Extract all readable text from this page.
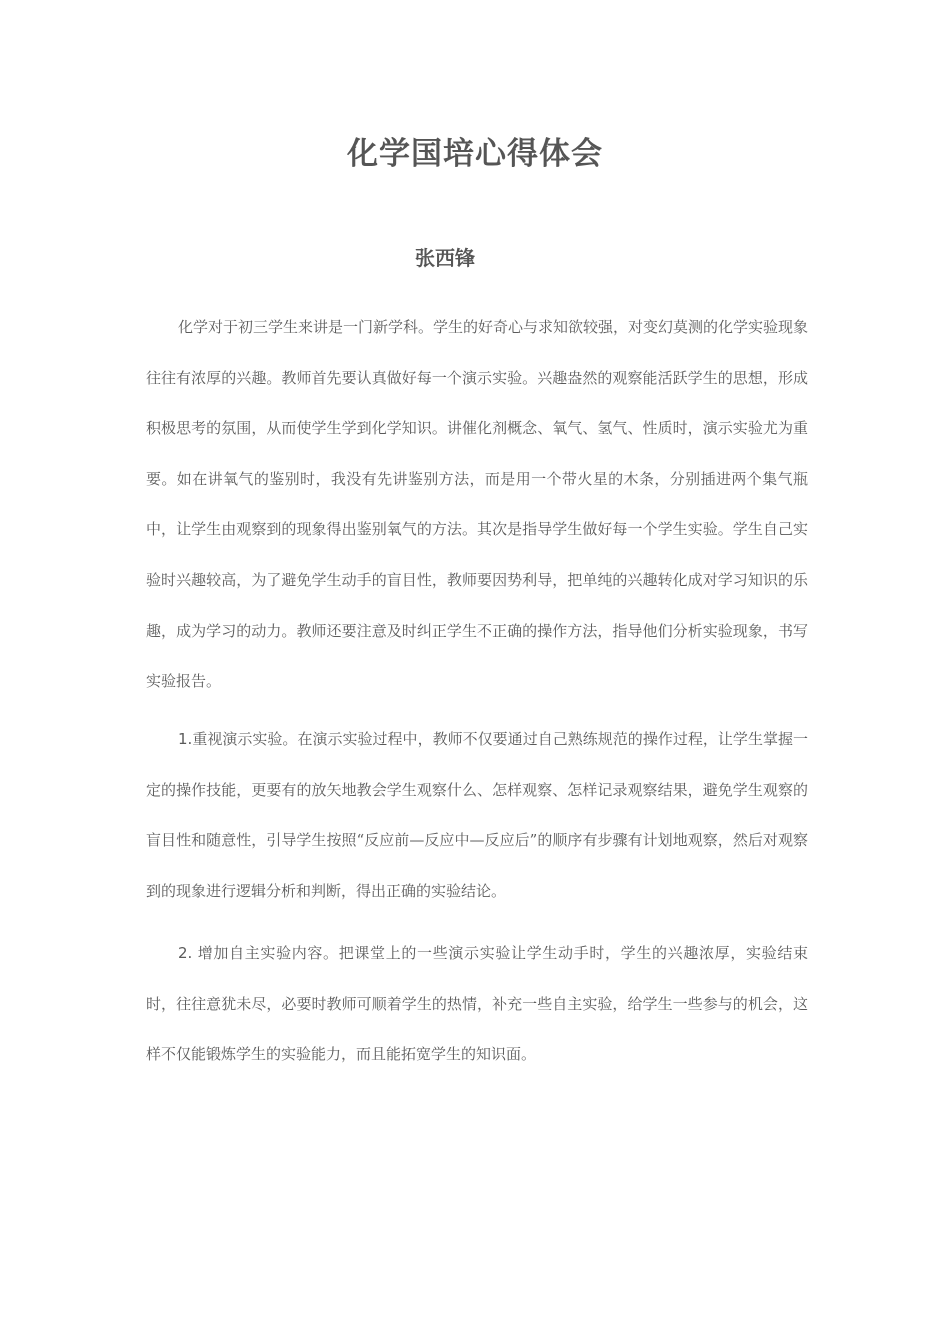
化学国培心得体会
张西锋

化学对于初三学生来讲是一门新学科。学生的好奇心与求知欲较强，对变幻莫测的化学实验现象往往有浓厚的兴趣。教师首先要认真做好每一个演示实验。兴趣盎然的观察能活跃学生的思想，形成积极思考的氛围，从而使学生学到化学知识。讲催化剂概念、氧气、氢气、性质时，演示实验尤为重要。如在讲氧气的鉴别时，我没有先讲鉴别方法，而是用一个带火星的木条，分别插进两个集气瓶中，让学生由观察到的现象得出鉴别氧气的方法。其次是指导学生做好每一个学生实验。学生自己实验时兴趣较高，为了避免学生动手的盲目性，教师要因势利导，把单纯的兴趣转化成对学习知识的乐趣，成为学习的动力。教师还要注意及时纠正学生不正确的操作方法，指导他们分析实验现象，书写实验报告。

1.重视演示实验。在演示实验过程中，教师不仅要通过自己熟练规范的操作过程，让学生掌握一定的操作技能，更要有的放矢地教会学生观察什么、怎样观察、怎样记录观察结果，避免学生观察的盲目性和随意性，引导学生按照“反应前—反应中—反应后”的顺序有步骤有计划地观察，然后对观察到的现象进行逻辑分析和判断，得出正确的实验结论。

2. 增加自主实验内容。把课堂上的一些演示实验让学生动手时，学生的兴趣浓厚，实验结束时，往往意犹未尽，必要时教师可顺着学生的热情，补充一些自主实验，给学生一些参与的机会，这样不仅能锻炼学生的实验能力，而且能拓宽学生的知识面。
